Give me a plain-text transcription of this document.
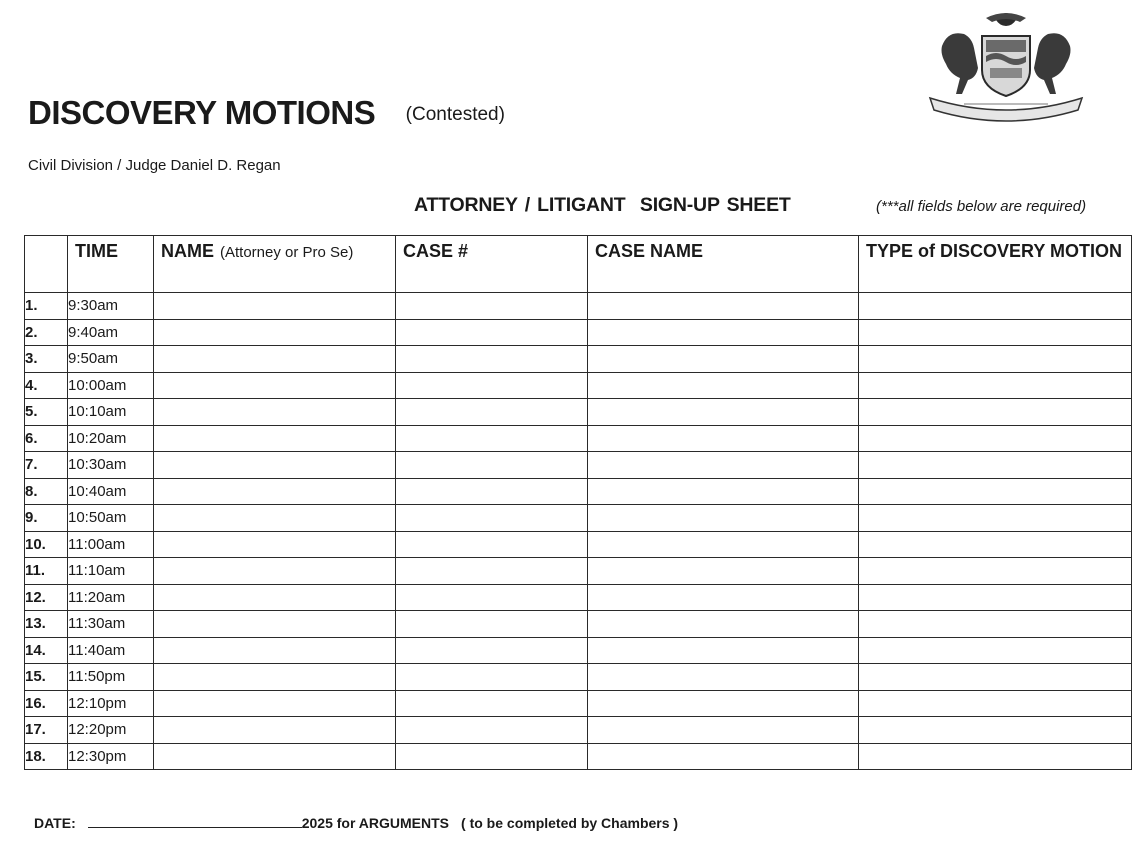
DISCOVERY MOTIONS (Contested)
Civil Division / Judge Daniel D. Regan
ATTORNEY / LITIGANT  SIGN-UP SHEET	(***all fields below are required)
	TIME	NAME (Attorney or Pro Se)	CASE #	CASE NAME	TYPE of DISCOVERY MOTION
1.	9:30am				
2.	9:40am				
3.	9:50am				
4.	10:00am				
5.	10:10am				
6.	10:20am				
7.	10:30am				
8.	10:40am				
9.	10:50am				
10.	11:00am				
11.	11:10am				
12.	11:20am				
13.	11:30am				
14.	11:40am				
15.	11:50pm				
16.	12:10pm				
17.	12:20pm				
18.	12:30pm				
DATE:	2025 for ARGUMENTS ( to be completed by Chambers )
